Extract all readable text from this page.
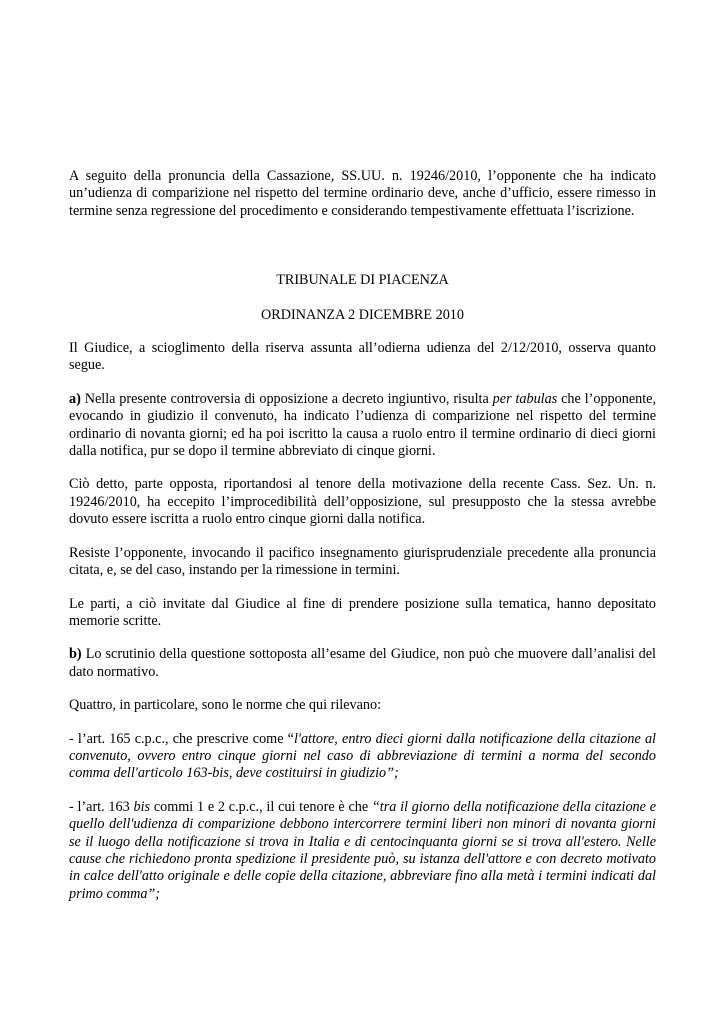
A seguito della pronuncia della Cassazione, SS.UU. n. 19246/2010, l’opponente che ha indicato un’udienza di comparizione nel rispetto del termine ordinario deve, anche d’ufficio, essere rimesso in termine senza regressione del procedimento e considerando tempestivamente effettuata l’iscrizione.

TRIBUNALE DI PIACENZA

ORDINANZA 2 DICEMBRE 2010

Il Giudice, a scioglimento della riserva assunta all’odierna udienza del 2/12/2010, osserva quanto segue.

a) Nella presente controversia di opposizione a decreto ingiuntivo, risulta per tabulas che l’opponente, evocando in giudizio il convenuto, ha indicato l’udienza di comparizione nel rispetto del termine ordinario di novanta giorni; ed ha poi iscritto la causa a ruolo entro il termine ordinario di dieci giorni dalla notifica, pur se dopo il termine abbreviato di cinque giorni.

Ciò detto, parte opposta, riportandosi al tenore della motivazione della recente Cass. Sez. Un. n. 19246/2010, ha eccepito l’improcedibilità dell’opposizione, sul presupposto che la stessa avrebbe dovuto essere iscritta a ruolo entro cinque giorni dalla notifica.

Resiste l’opponente, invocando il pacifico insegnamento giurisprudenziale precedente alla pronuncia citata, e, se del caso, instando per la rimessione in termini.

Le parti, a ciò invitate dal Giudice al fine di prendere posizione sulla tematica, hanno depositato memorie scritte.

b) Lo scrutinio della questione sottoposta all’esame del Giudice, non può che muovere dall’analisi del dato normativo.

Quattro, in particolare, sono le norme che qui rilevano:

- l’art. 165 c.p.c., che prescrive come “l'attore, entro dieci giorni dalla notificazione della citazione al convenuto, ovvero entro cinque giorni nel caso di abbreviazione di termini a norma del secondo comma dell'articolo 163-bis, deve costituirsi in giudizio”;

- l’art. 163 bis commi 1 e 2 c.p.c., il cui tenore è che “tra il giorno della notificazione della citazione e quello dell'udienza di comparizione debbono intercorrere termini liberi non minori di novanta giorni se il luogo della notificazione si trova in Italia e di centocinquanta giorni se si trova all'estero. Nelle cause che richiedono pronta spedizione il presidente può, su istanza dell'attore e con decreto motivato in calce dell'atto originale e delle copie della citazione, abbreviare fino alla metà i termini indicati dal primo comma”;
